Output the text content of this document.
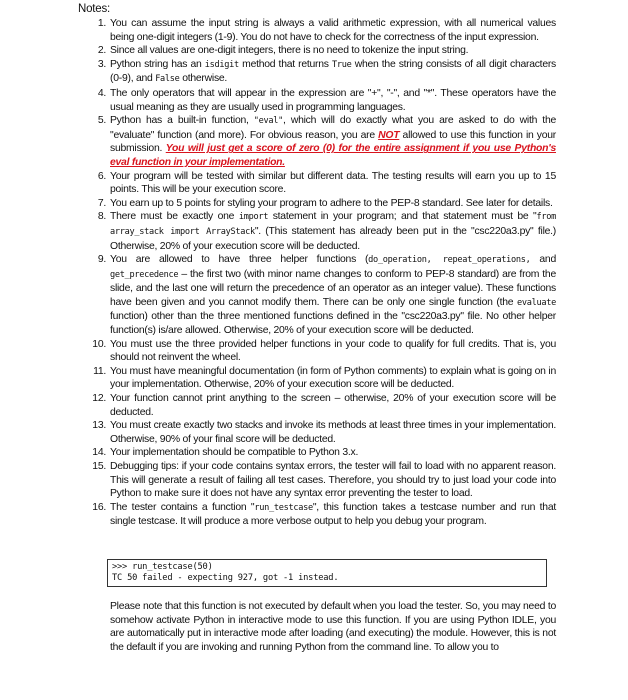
Notes:
1. You can assume the input string is always a valid arithmetic expression, with all numerical values being one-digit integers (1-9). You do not have to check for the correctness of the input expression.
2. Since all values are one-digit integers, there is no need to tokenize the input string.
3. Python string has an isdigit method that returns True when the string consists of all digit characters (0-9), and False otherwise.
4. The only operators that will appear in the expression are "+", "-", and "*". These operators have the usual meaning as they are usually used in programming languages.
5. Python has a built-in function, "eval", which will do exactly what you are asked to do with the "evaluate" function (and more). For obvious reason, you are NOT allowed to use this function in your submission. You will just get a score of zero (0) for the entire assignment if you use Python's eval function in your implementation.
6. Your program will be tested with similar but different data. The testing results will earn you up to 15 points. This will be your execution score.
7. You earn up to 5 points for styling your program to adhere to the PEP-8 standard. See later for details.
8. There must be exactly one import statement in your program; and that statement must be "from array_stack import ArrayStack". (This statement has already been put in the "csc220a3.py" file.) Otherwise, 20% of your execution score will be deducted.
9. You are allowed to have three helper functions (do_operation, repeat_operations, and get_precedence – the first two (with minor name changes to conform to PEP-8 standard) are from the slide, and the last one will return the precedence of an operator as an integer value). These functions have been given and you cannot modify them. There can be only one single function (the evaluate function) other than the three mentioned functions defined in the "csc220a3.py" file. No other helper function(s) is/are allowed. Otherwise, 20% of your execution score will be deducted.
10. You must use the three provided helper functions in your code to qualify for full credits. That is, you should not reinvent the wheel.
11. You must have meaningful documentation (in form of Python comments) to explain what is going on in your implementation. Otherwise, 20% of your execution score will be deducted.
12. Your function cannot print anything to the screen – otherwise, 20% of your execution score will be deducted.
13. You must create exactly two stacks and invoke its methods at least three times in your implementation. Otherwise, 90% of your final score will be deducted.
14. Your implementation should be compatible to Python 3.x.
15. Debugging tips: if your code contains syntax errors, the tester will fail to load with no apparent reason. This will generate a result of failing all test cases. Therefore, you should try to just load your code into Python to make sure it does not have any syntax error preventing the tester to load.
16. The tester contains a function "run_testcase", this function takes a testcase number and run that single testcase. It will produce a more verbose output to help you debug your program.
>>> run_testcase(50)
TC 50 failed - expecting 927, got -1 instead.

Please note that this function is not executed by default when you load the tester. So, you may need to somehow activate Python in interactive mode to use this function. If you are using Python IDLE, you are automatically put in interactive mode after loading (and executing) the module. However, this is not the default if you are invoking and running Python from the command line. To allow you to
